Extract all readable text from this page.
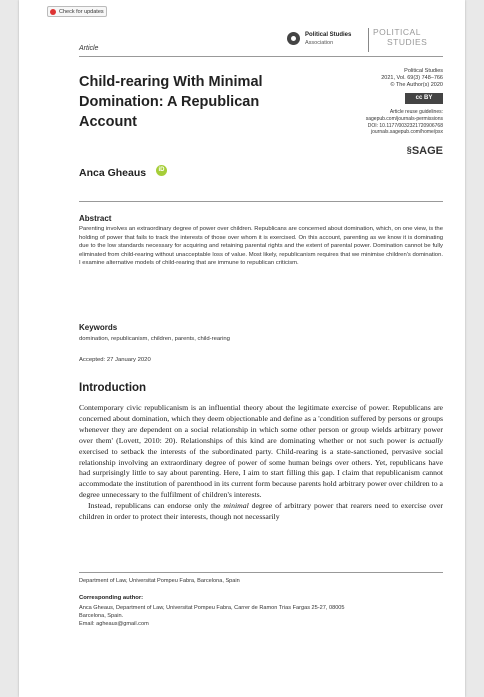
Check for updates
Political Studies
Association
POLITICAL
STUDIES
Article
Child-rearing With Minimal Domination: A Republican Account
Political Studies
2021, Vol. 69(3) 748–766
© The Author(s) 2020
cc BY
Article reuse guidelines:
sagepub.com/journals-permissions
DOI: 10.1177/0032321720906768
journals.sagepub.com/home/psx
§SAGE
Anca Gheaus	iD
Abstract
Parenting involves an extraordinary degree of power over children. Republicans are concerned about domination, which, on one view, is the holding of power that fails to track the interests of those over whom it is exercised. On this account, parenting as we know it is dominating due to the low standards necessary for acquiring and retaining parental rights and the extent of parental power. Domination cannot be fully eliminated from child-rearing without unacceptable loss of value. Most likely, republicanism requires that we minimise children's domination. I examine alternative models of child-rearing that are immune to republican criticism.
Keywords
domination, republicanism, children, parents, child-rearing
Accepted: 27 January 2020
Introduction

Contemporary civic republicanism is an influential theory about the legitimate exercise of power. Republicans are concerned about domination, which they deem objectionable and define as a 'condition suffered by persons or groups whenever they are dependent on a social relationship in which some other person or group wields arbitrary power over them' (Lovett, 2010: 20). Relationships of this kind are dominating whether or not such power is actually exercised to setback the interests of the subordinated party. Child-rearing is a state-sanctioned, pervasive social relationship involving an extraordinary degree of power of some human beings over others. Yet, republicans have had surprisingly little to say about parenting. Here, I aim to start filling this gap. I claim that republicanism cannot accommodate the institution of parenthood in its current form because parents hold arbitrary power over children to a degree unnecessary to the fulfilment of children's interests.

Instead, republicans can endorse only the minimal degree of arbitrary power that rearers need to exercise over children in order to protect their interests, though not necessarily

Department of Law, Universitat Pompeu Fabra, Barcelona, Spain
Corresponding author:
Anca Gheaus, Department of Law, Universitat Pompeu Fabra, Carrer de Ramon Trias Fargas 25-27, 08005
Barcelona, Spain.
Email: agheaus@gmail.com
